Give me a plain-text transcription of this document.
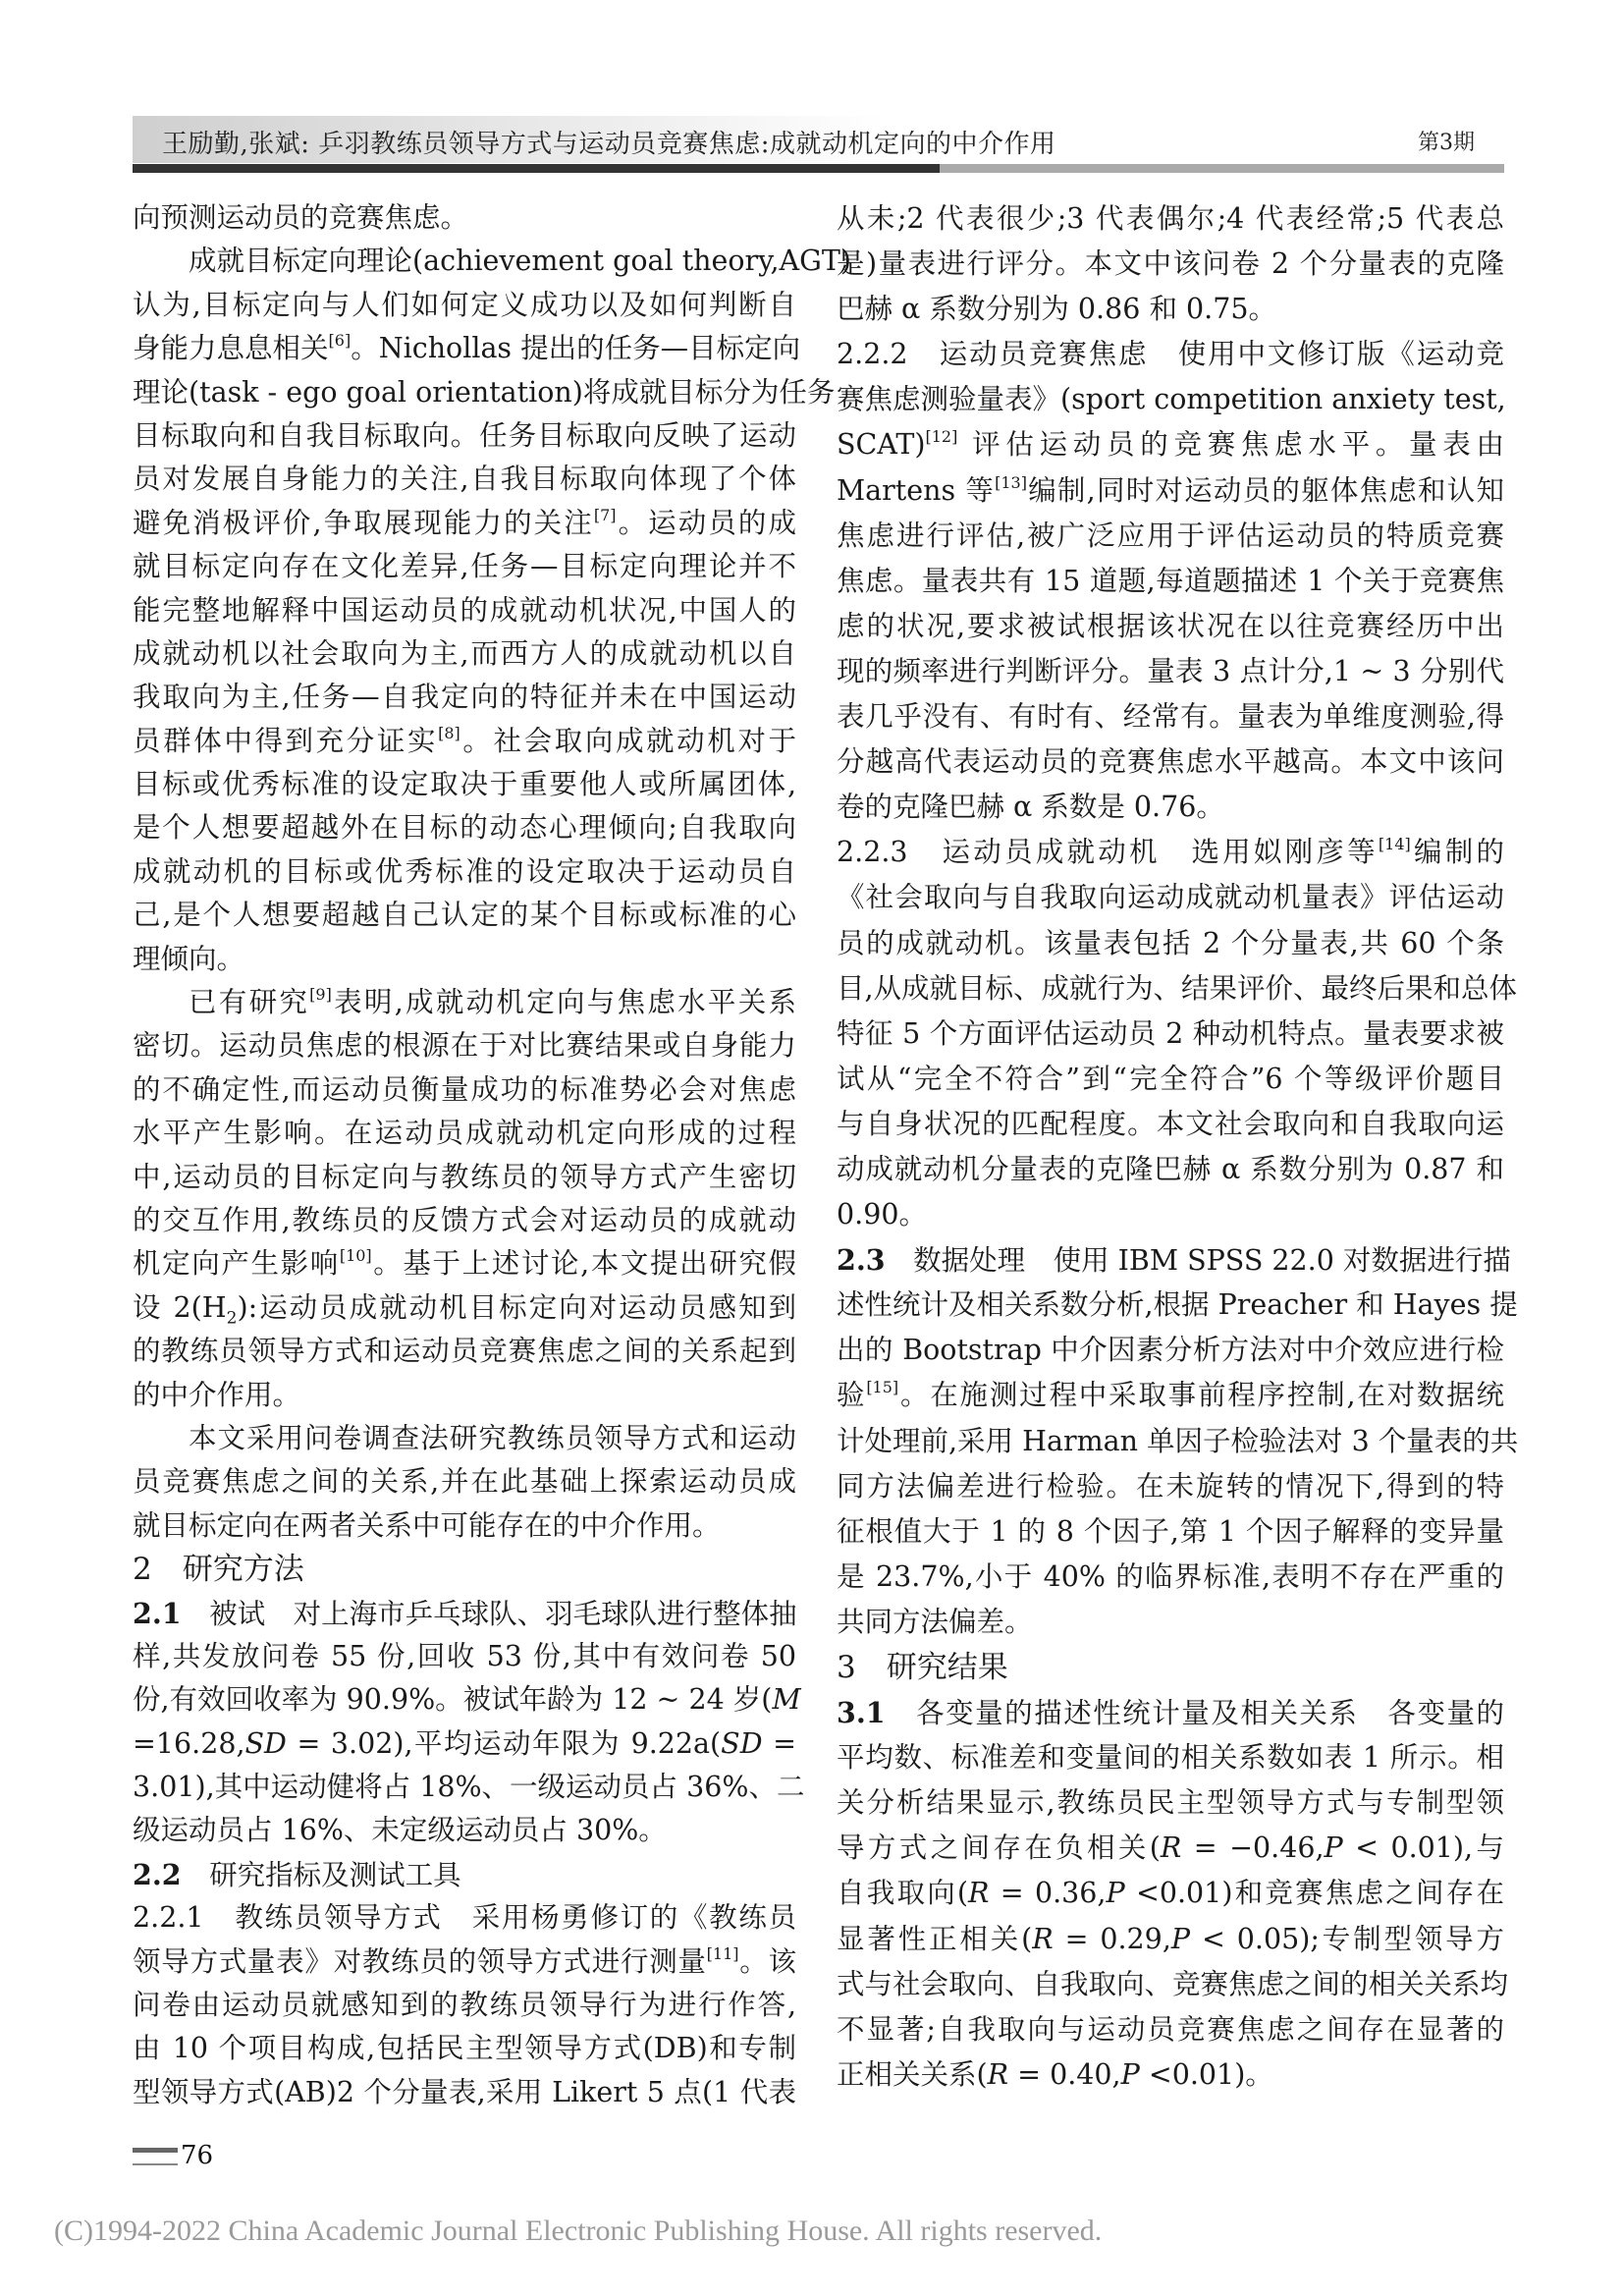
王励勤,张斌: 乒羽教练员领导方式与运动员竞赛焦虑:成就动机定向的中介作用	第3期
向预测运动员的竞赛焦虑。
成就目标定向理论(achievement goal theory,AGT)
认为,目标定向与人们如何定义成功以及如何判断自
身能力息息相关[6]。Nichollas 提出的任务—目标定向
理论(task - ego goal orientation)将成就目标分为任务
目标取向和自我目标取向。任务目标取向反映了运动
员对发展自身能力的关注,自我目标取向体现了个体
避免消极评价,争取展现能力的关注[7]。运动员的成
就目标定向存在文化差异,任务—目标定向理论并不
能完整地解释中国运动员的成就动机状况,中国人的
成就动机以社会取向为主,而西方人的成就动机以自
我取向为主,任务—自我定向的特征并未在中国运动
员群体中得到充分证实[8]。社会取向成就动机对于
目标或优秀标准的设定取决于重要他人或所属团体,
是个人想要超越外在目标的动态心理倾向;自我取向
成就动机的目标或优秀标准的设定取决于运动员自
己,是个人想要超越自己认定的某个目标或标准的心
理倾向。
已有研究[9]表明,成就动机定向与焦虑水平关系
密切。运动员焦虑的根源在于对比赛结果或自身能力
的不确定性,而运动员衡量成功的标准势必会对焦虑
水平产生影响。在运动员成就动机定向形成的过程
中,运动员的目标定向与教练员的领导方式产生密切
的交互作用,教练员的反馈方式会对运动员的成就动
机定向产生影响[10]。基于上述讨论,本文提出研究假
设 $2(H_2)$:运动员成就动机目标定向对运动员感知到
的教练员领导方式和运动员竞赛焦虑之间的关系起到
的中介作用。
本文采用问卷调查法研究教练员领导方式和运动
员竞赛焦虑之间的关系,并在此基础上探索运动员成
就目标定向在两者关系中可能存在的中介作用。
2　研究方法
2.1　被试　对上海市乒乓球队、羽毛球队进行整体抽
样,共发放问卷 55 份,回收 53 份,其中有效问卷 50
份,有效回收率为 90.9%。被试年龄为 12 ~ 24 岁(M
=16.28,SD = 3.02),平均运动年限为 9.22a(SD =
3.01),其中运动健将占 18%、一级运动员占 36%、二
级运动员占 16%、未定级运动员占 30%。
2.2　研究指标及测试工具
2.2.1　教练员领导方式　采用杨勇修订的《教练员
领导方式量表》对教练员的领导方式进行测量[11]。该
问卷由运动员就感知到的教练员领导行为进行作答,
由 10 个项目构成,包括民主型领导方式(DB)和专制
型领导方式(AB)2 个分量表,采用 Likert 5 点(1 代表
从未;2 代表很少;3 代表偶尔;4 代表经常;5 代表总
是)量表进行评分。本文中该问卷 2 个分量表的克隆
巴赫 α 系数分别为 0.86 和 0.75。
2.2.2　运动员竞赛焦虑　使用中文修订版《运动竞
赛焦虑测验量表》(sport competition anxiety test,
SCAT)[12] 评估运动员的竞赛焦虑水平。量表由
Martens 等[13]编制,同时对运动员的躯体焦虑和认知
焦虑进行评估,被广泛应用于评估运动员的特质竞赛
焦虑。量表共有 15 道题,每道题描述 1 个关于竞赛焦
虑的状况,要求被试根据该状况在以往竞赛经历中出
现的频率进行判断评分。量表 3 点计分,1 ~ 3 分别代
表几乎没有、有时有、经常有。量表为单维度测验,得
分越高代表运动员的竞赛焦虑水平越高。本文中该问
卷的克隆巴赫 α 系数是 0.76。
2.2.3　运动员成就动机　选用姒刚彦等[14]编制的
《社会取向与自我取向运动成就动机量表》评估运动
员的成就动机。该量表包括 2 个分量表,共 60 个条
目,从成就目标、成就行为、结果评价、最终后果和总体
特征 5 个方面评估运动员 2 种动机特点。量表要求被
试从“完全不符合”到“完全符合”6 个等级评价题目
与自身状况的匹配程度。本文社会取向和自我取向运
动成就动机分量表的克隆巴赫 α 系数分别为 0.87 和
0.90。
2.3　数据处理　使用 IBM SPSS 22.0 对数据进行描
述性统计及相关系数分析,根据 Preacher 和 Hayes 提
出的 Bootstrap 中介因素分析方法对中介效应进行检
验[15]。在施测过程中采取事前程序控制,在对数据统
计处理前,采用 Harman 单因子检验法对 3 个量表的共
同方法偏差进行检验。在未旋转的情况下,得到的特
征根值大于 1 的 8 个因子,第 1 个因子解释的变异量
是 23.7%,小于 40% 的临界标准,表明不存在严重的
共同方法偏差。
3　研究结果
3.1　各变量的描述性统计量及相关关系　各变量的
平均数、标准差和变量间的相关系数如表 1 所示。相
关分析结果显示,教练员民主型领导方式与专制型领
导方式之间存在负相关(R = −0.46,P < 0.01),与
自我取向(R = 0.36,P <0.01)和竞赛焦虑之间存在
显著性正相关(R = 0.29,P < 0.05);专制型领导方
式与社会取向、自我取向、竞赛焦虑之间的相关关系均
不显著;自我取向与运动员竞赛焦虑之间存在显著的
正相关关系(R = 0.40,P <0.01)。
76
(C)1994-2022 China Academic Journal Electronic Publishing House. All rights reserved.
